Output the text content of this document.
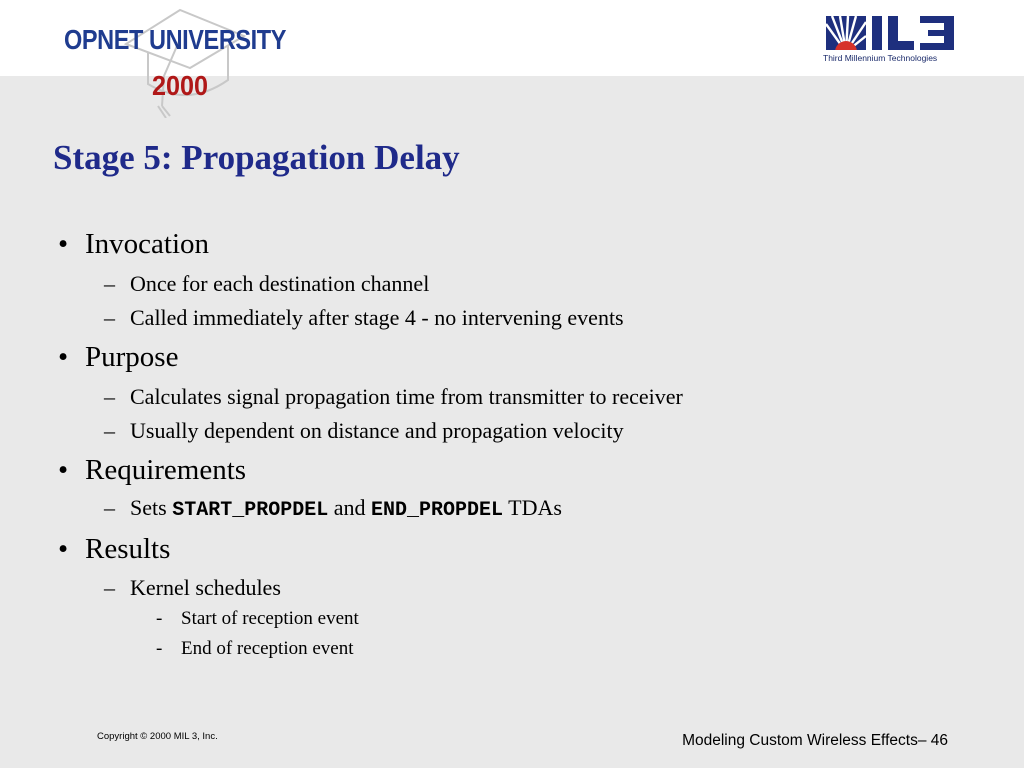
OPNET UNIVERSITY
Third Millennium Technologies
2000
Stage 5: Propagation Delay
• Invocation
– Once for each destination channel
– Called immediately after stage 4 - no intervening events
• Purpose
– Calculates signal propagation time from transmitter to receiver
– Usually dependent on distance and propagation velocity
• Requirements
– Sets START_PROPDEL and END_PROPDEL TDAs
• Results
– Kernel schedules
- Start of reception event
- End of reception event
Copyright © 2000 MIL 3, Inc.	Modeling Custom Wireless Effects– 46
